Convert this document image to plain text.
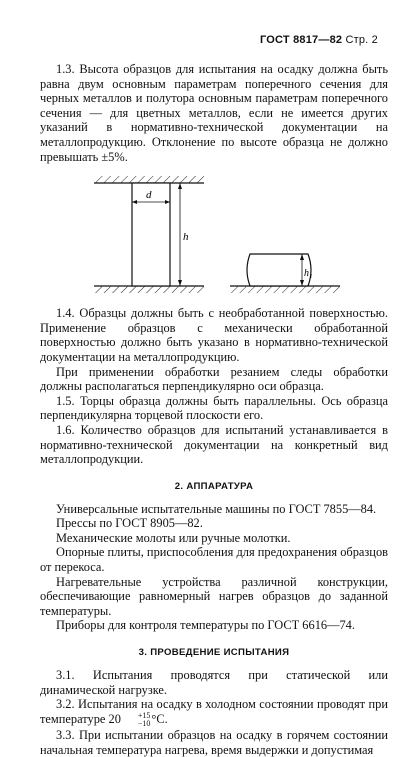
ГОСТ 8817—82 Стр. 2

1.3. Высота образцов для испытания на осадку должна быть равна двум основным параметрам поперечного сечения для черных металлов и полутора основным параметрам поперечного сечения — для цветных металлов, если не имеется других указаний в нормативно-технической документации на металлопродукцию. Отклонение по высоте образца не должно превышать ±5%.

d
h
h₁

1.4. Образцы должны быть с необработанной поверхностью. Применение образцов с механически обработанной поверхностью должно быть указано в нормативно-технической документации на металлопродукцию.

При применении обработки резанием следы обработки должны располагаться перпендикулярно оси образца.

1.5. Торцы образца должны быть параллельны. Ось образца перпендикулярна торцевой плоскости его.

1.6. Количество образцов для испытаний устанавливается в нормативно-технической документации на конкретный вид металлопродукции.

2. АППАРАТУРА

Универсальные испытательные машины по ГОСТ 7855—84.

Прессы по ГОСТ 8905—82.

Механические молоты или ручные молотки.

Опорные плиты, приспособления для предохранения образцов от перекоса.

Нагревательные устройства различной конструкции, обеспечивающие равномерный нагрев образцов до заданной температуры.

Приборы для контроля температуры по ГОСТ 6616—74.

3. ПРОВЕДЕНИЕ ИСПЫТАНИЯ

3.1. Испытания проводятся при статической или динамической нагрузке.

3.2. Испытания на осадку в холодном состоянии проводят при температуре 20	+15
−10 °С.

3.3. При испытании образцов на осадку в горячем состоянии начальная температура нагрева, время выдержки и допустимая
